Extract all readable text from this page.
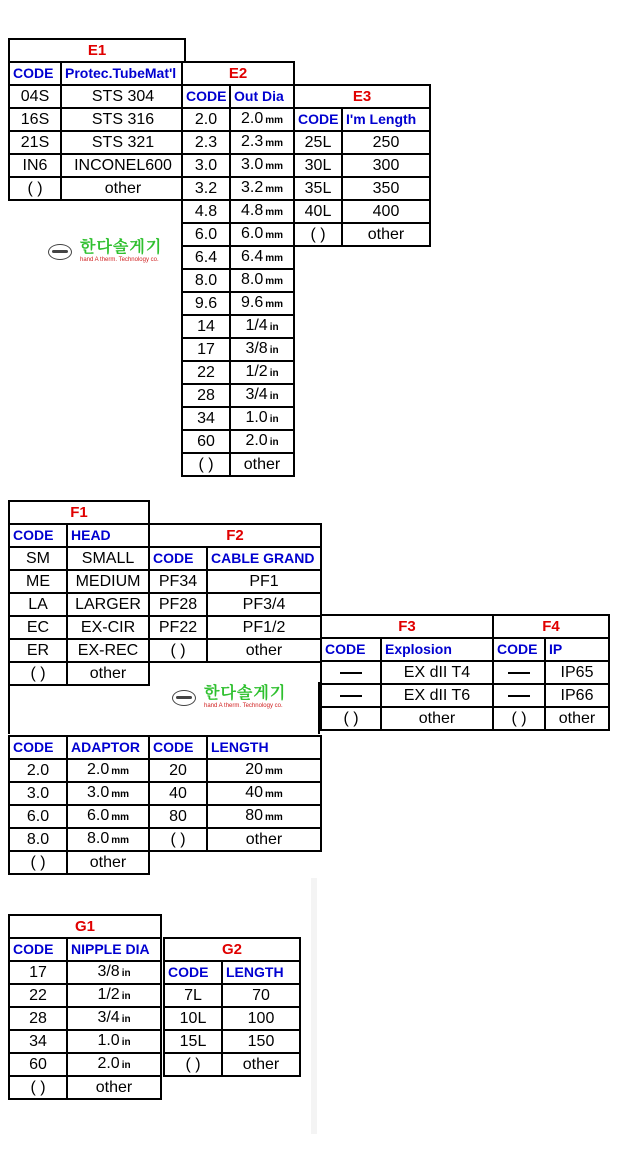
E1	
CODE	Protec.TubeMat'l
04S	STS 304
16S	STS 316
21S	STS 321
IN6	INCONEL600
( )	other
E2	
CODE	Out Dia
2.0	2.0 mm
2.3	2.3 mm
3.0	3.0 mm
3.2	3.2 mm
4.8	4.8 mm
6.0	6.0 mm
6.4	6.4 mm
8.0	8.0 mm
9.6	9.6 mm
14	1/4 in
17	3/8 in
22	1/2 in
28	3/4 in
34	1.0 in
60	2.0 in
( )	other
E3	
CODE	I'm Length
25L	250
30L	300
35L	350
40L	400
( )	other
한다솔게기
hand A therm. Technology co.
F1	
CODE	HEAD
SM	SMALL
ME	MEDIUM
LA	LARGER
EC	EX-CIR
ER	EX-REC
( )	other
F2	
CODE	CABLE GRAND
PF34	PF1
PF28	PF3/4
PF22	PF1/2
( )	other
F3	
CODE	Explosion
	EX dII T4
	EX dII T6
( )	other
F4	
CODE	IP
	IP65
	IP66
( )	other
한다솔게기
hand A therm. Technology co.
CODE	ADAPTOR
2.0	2.0 mm
3.0	3.0 mm
6.0	6.0 mm
8.0	8.0 mm
( )	other
CODE	LENGTH
20	20 mm
40	40 mm
80	80 mm
( )	other
G1	
CODE	NIPPLE DIA
17	3/8 in
22	1/2 in
28	3/4 in
34	1.0 in
60	2.0 in
( )	other
G2	
CODE	LENGTH
7L	70
10L	100
15L	150
( )	other
